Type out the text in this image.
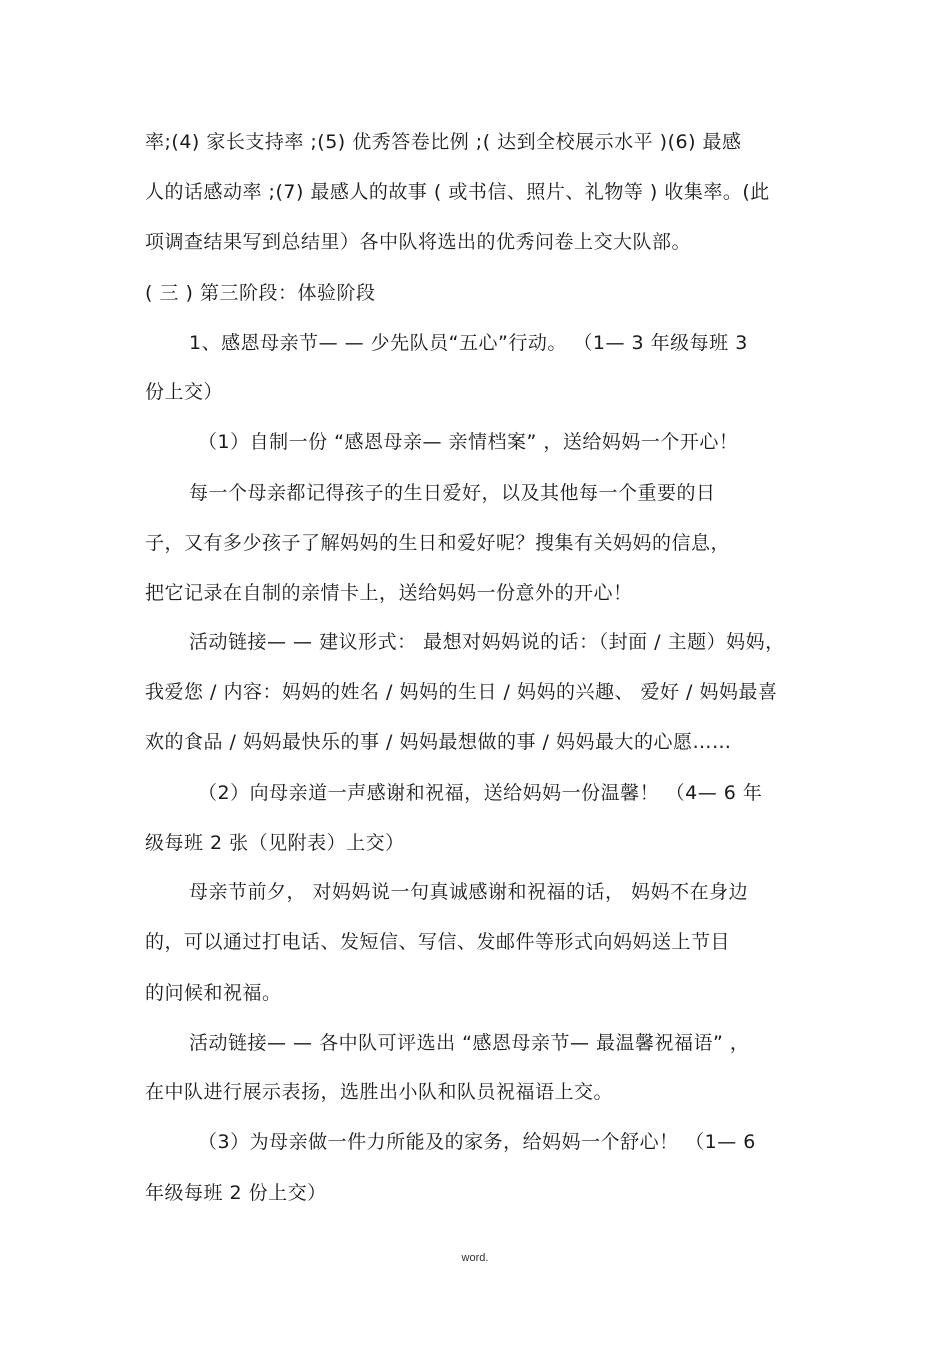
率;(4) 家长支持率 ;(5) 优秀答卷比例 ;( 达到全校展示水平 )(6) 最感
人的话感动率 ;(7) 最感人的故事 ( 或书信、照片、礼物等 ) 收集率。(此
项调查结果写到总结里）各中队将选出的优秀问卷上交大队部。
( 三 ) 第三阶段：体验阶段
1、感恩母亲节— — 少先队员“五心”行动。 （1— 3 年级每班 3
份上交）
（1）自制一份 “感恩母亲— 亲情档案” ，送给妈妈一个开心！
每一个母亲都记得孩子的生日爱好，以及其他每一个重要的日
子，又有多少孩子了解妈妈的生日和爱好呢？搜集有关妈妈的信息，
把它记录在自制的亲情卡上，送给妈妈一份意外的开心！
活动链接— — 建议形式： 最想对妈妈说的话：（封面 / 主题）妈妈，
我爱您 / 内容：妈妈的姓名 / 妈妈的生日 / 妈妈的兴趣、 爱好 / 妈妈最喜
欢的食品 / 妈妈最快乐的事 / 妈妈最想做的事 / 妈妈最大的心愿……
（2）向母亲道一声感谢和祝福，送给妈妈一份温馨！ （4— 6 年
级每班 2 张（见附表）上交）
母亲节前夕， 对妈妈说一句真诚感谢和祝福的话， 妈妈不在身边
的，可以通过打电话、发短信、写信、发邮件等形式向妈妈送上节目
的问候和祝福。
活动链接— — 各中队可评选出 “感恩母亲节— 最温馨祝福语” ，
在中队进行展示表扬，选胜出小队和队员祝福语上交。
（3）为母亲做一件力所能及的家务，给妈妈一个舒心！ （1— 6
年级每班 2 份上交）
word.
